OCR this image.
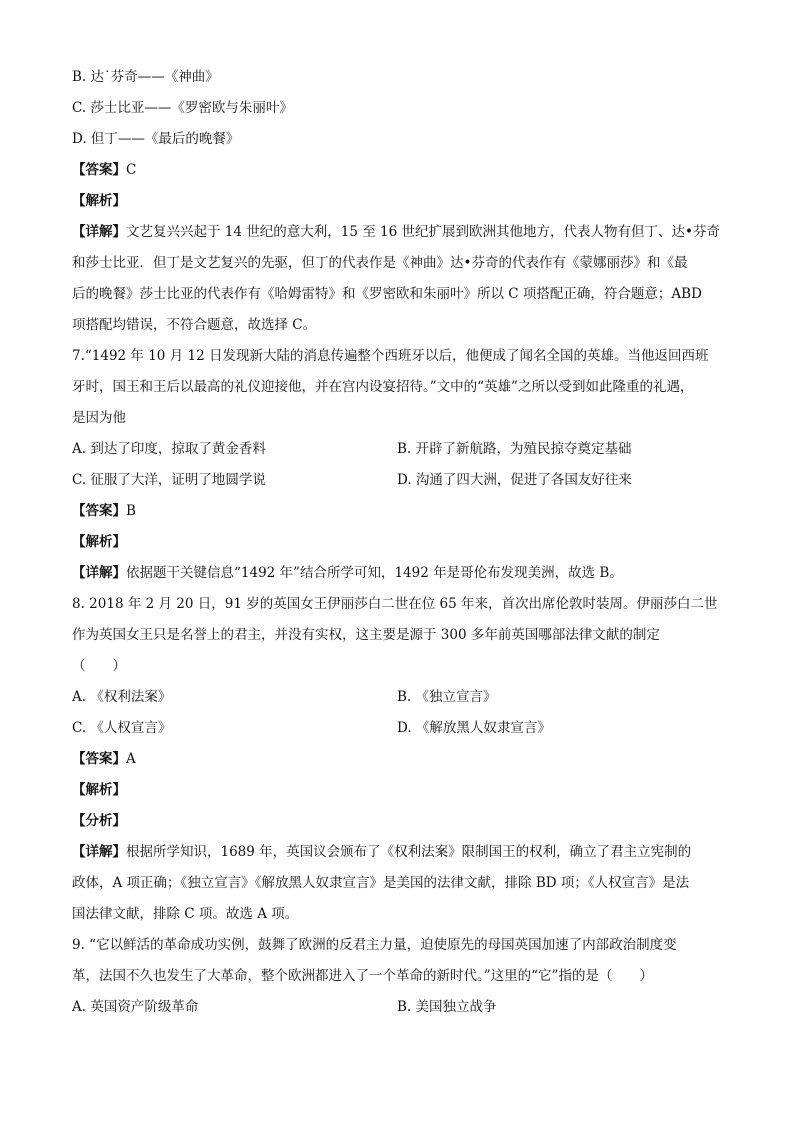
B. 达˙芬奇——《神曲》
C. 莎士比亚——《罗密欧与朱丽叶》
D. 但丁——《最后的晚餐》
【答案】C
【解析】
【详解】文艺复兴兴起于 14 世纪的意大利，15 至 16 世纪扩展到欧洲其他地方，代表人物有但丁、达•芬奇
和莎士比亚．但丁是文艺复兴的先驱，但丁的代表作是《神曲》达•芬奇的代表作有《蒙娜丽莎》和《最
后的晚餐》莎士比亚的代表作有《哈姆雷特》和《罗密欧和朱丽叶》所以 C 项搭配正确，符合题意；ABD
项搭配均错误，不符合题意，故选择 C。
7.“1492 年 10 月 12 日发现新大陆的消息传遍整个西班牙以后，他便成了闻名全国的英雄。当他返回西班
牙时，国王和王后以最高的礼仪迎接他，并在宫内设宴招待。”文中的“英雄”之所以受到如此隆重的礼遇，
是因为他
A. 到达了印度，掠取了黄金香料	B. 开辟了新航路，为殖民掠夺奠定基础
C. 征服了大洋，证明了地圆学说	D. 沟通了四大洲，促进了各国友好往来
【答案】B
【解析】
【详解】依据题干关键信息“1492 年”结合所学可知，1492 年是哥伦布发现美洲，故选 B。
8. 2018 年 2 月 20 日，91 岁的英国女王伊丽莎白二世在位 65 年来，首次出席伦敦时装周。伊丽莎白二世
作为英国女王只是名誉上的君主，并没有实权，这主要是源于 300 多年前英国哪部法律文献的制定
（　　）
A. 《权利法案》	B. 《独立宣言》
C. 《人权宣言》	D. 《解放黑人奴隶宣言》
【答案】A
【解析】
【分析】
【详解】根据所学知识，1689 年，英国议会颁布了《权利法案》限制国王的权利，确立了君主立宪制的
政体，A 项正确；《独立宣言》《解放黑人奴隶宣言》是美国的法律文献，排除 BD 项；《人权宣言》是法
国法律文献，排除 C 项。故选 A 项。
9. “它以鲜活的革命成功实例，鼓舞了欧洲的反君主力量，迫使原先的母国英国加速了内部政治制度变
革，法国不久也发生了大革命，整个欧洲都进入了一个革命的新时代。”这里的“它”指的是（　　）
A. 英国资产阶级革命	B. 美国独立战争
